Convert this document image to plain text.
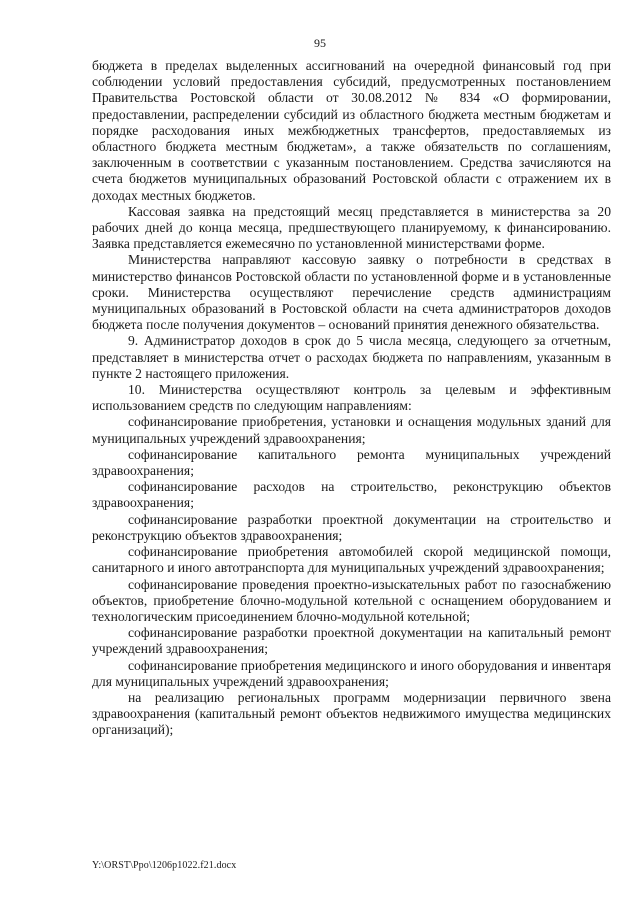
95

бюджета в пределах выделенных ассигнований на очередной финансовый год при соблюдении условий предоставления субсидий, предусмотренных постановлением Правительства Ростовской области от 30.08.2012 № 834 «О формировании, предоставлении, распределении субсидий из областного бюджета местным бюджетам и порядке расходования иных межбюджетных трансфертов, предоставляемых из областного бюджета местным бюджетам», а также обязательств по соглашениям, заключенным в соответствии с указанным постановлением. Средства зачисляются на счета бюджетов муниципальных образований Ростовской области с отражением их в доходах местных бюджетов.

Кассовая заявка на предстоящий месяц представляется в министерства за 20 рабочих дней до конца месяца, предшествующего планируемому, к финансированию. Заявка представляется ежемесячно по установленной министерствами форме.

Министерства направляют кассовую заявку о потребности в средствах в министерство финансов Ростовской области по установленной форме и в установленные сроки. Министерства осуществляют перечисление средств администрациям муниципальных образований в Ростовской области на счета администраторов доходов бюджета после получения документов – оснований принятия денежного обязательства.

9. Администратор доходов в срок до 5 числа месяца, следующего за отчетным, представляет в министерства отчет о расходах бюджета по направлениям, указанным в пункте 2 настоящего приложения.

10. Министерства осуществляют контроль за целевым и эффективным использованием средств по следующим направлениям:

софинансирование приобретения, установки и оснащения модульных зданий для муниципальных учреждений здравоохранения;

софинансирование капитального ремонта муниципальных учреждений здравоохранения;

софинансирование расходов на строительство, реконструкцию объектов здравоохранения;

софинансирование разработки проектной документации на строительство и реконструкцию объектов здравоохранения;

софинансирование приобретения автомобилей скорой медицинской помощи, санитарного и иного автотранспорта для муниципальных учреждений здравоохранения;

софинансирование проведения проектно-изыскательных работ по газоснабжению объектов, приобретение блочно-модульной котельной с оснащением оборудованием и технологическим присоединением блочно-модульной котельной;

софинансирование разработки проектной документации на капитальный ремонт учреждений здравоохранения;

софинансирование приобретения медицинского и иного оборудования и инвентаря для муниципальных учреждений здравоохранения;

на реализацию региональных программ модернизации первичного звена здравоохранения (капитальный ремонт объектов недвижимого имущества медицинских организаций);

Y:\ORST\Ppo\1206p1022.f21.docx
